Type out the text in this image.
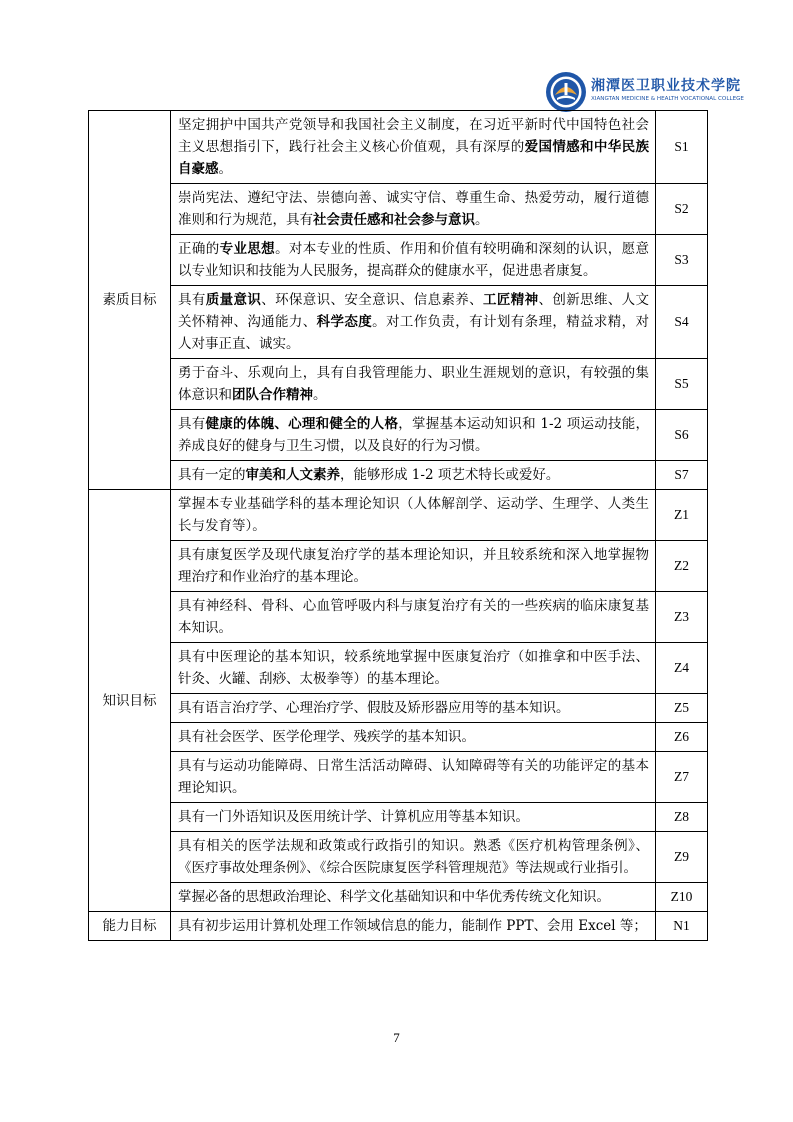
湘潭医卫职业技术学院
XIANGTAN MEDICINE & HEALTH VOCATIONAL COLLEGE
素质目标	坚定拥护中国共产党领导和我国社会主义制度，在习近平新时代中国特色社会主义思想指引下，践行社会主义核心价值观，具有深厚的爱国情感和中华民族自豪感。	S1
	崇尚宪法、遵纪守法、崇德向善、诚实守信、尊重生命、热爱劳动，履行道德准则和行为规范，具有社会责任感和社会参与意识。	S2
	正确的专业思想。对本专业的性质、作用和价值有较明确和深刻的认识，愿意以专业知识和技能为人民服务，提高群众的健康水平，促进患者康复。	S3
	具有质量意识、环保意识、安全意识、信息素养、工匠精神、创新思维、人文关怀精神、沟通能力、科学态度。对工作负责，有计划有条理，精益求精，对人对事正直、诚实。	S4
	勇于奋斗、乐观向上，具有自我管理能力、职业生涯规划的意识，有较强的集体意识和团队合作精神。	S5
	具有健康的体魄、心理和健全的人格，掌握基本运动知识和 1-2 项运动技能，养成良好的健身与卫生习惯，以及良好的行为习惯。	S6
	具有一定的审美和人文素养，能够形成 1-2 项艺术特长或爱好。	S7
知识目标	掌握本专业基础学科的基本理论知识（人体解剖学、运动学、生理学、人类生长与发育等）。	Z1
	具有康复医学及现代康复治疗学的基本理论知识，并且较系统和深入地掌握物理治疗和作业治疗的基本理论。	Z2
	具有神经科、骨科、心血管呼吸内科与康复治疗有关的一些疾病的临床康复基本知识。	Z3
	具有中医理论的基本知识，较系统地掌握中医康复治疗（如推拿和中医手法、针灸、火罐、刮痧、太极拳等）的基本理论。	Z4
	具有语言治疗学、心理治疗学、假肢及矫形器应用等的基本知识。	Z5
	具有社会医学、医学伦理学、残疾学的基本知识。	Z6
	具有与运动功能障碍、日常生活活动障碍、认知障碍等有关的功能评定的基本理论知识。	Z7
	具有一门外语知识及医用统计学、计算机应用等基本知识。	Z8
	具有相关的医学法规和政策或行政指引的知识。熟悉《医疗机构管理条例》、《医疗事故处理条例》、《综合医院康复医学科管理规范》等法规或行业指引。	Z9
	掌握必备的思想政治理论、科学文化基础知识和中华优秀传统文化知识。	Z10
能力目标	具有初步运用计算机处理工作领域信息的能力，能制作 PPT、会用 Excel 等；	N1
7
